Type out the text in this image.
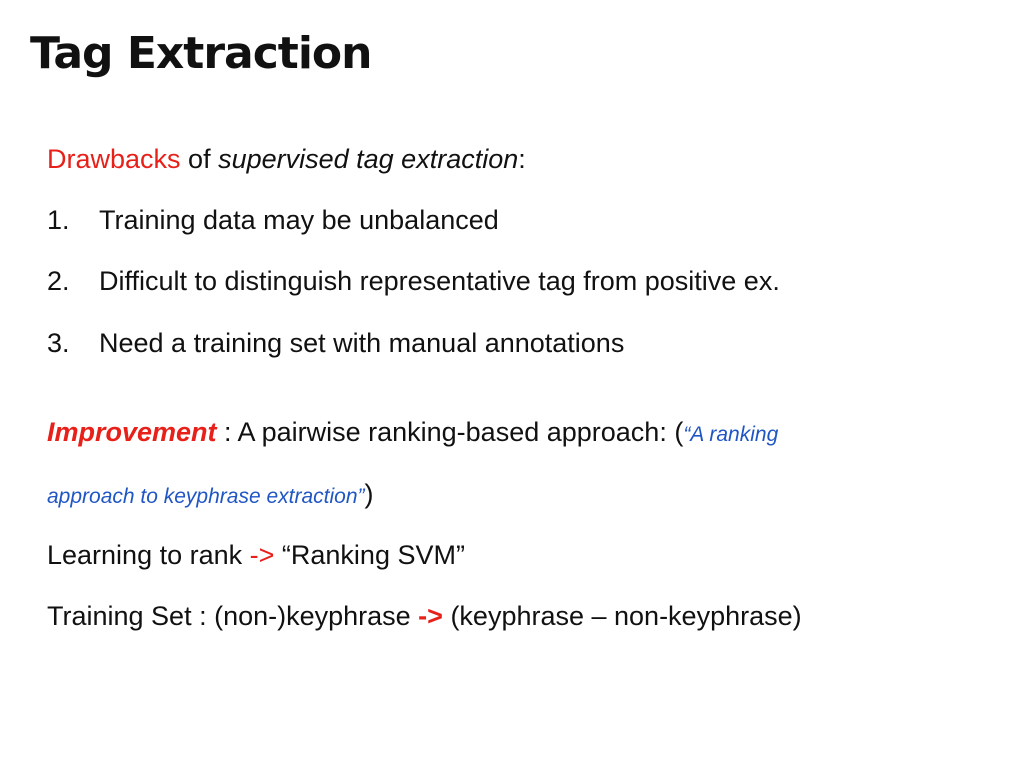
Tag Extraction
Drawbacks of supervised tag extraction:
1. Training data may be unbalanced
2. Difficult to distinguish representative tag from positive ex.
3. Need a training set with manual annotations
Improvement : A pairwise ranking-based approach: (“A ranking
approach to keyphrase extraction”)
Learning to rank -> “Ranking SVM”
Training Set : (non-)keyphrase -> (keyphrase – non-keyphrase)
